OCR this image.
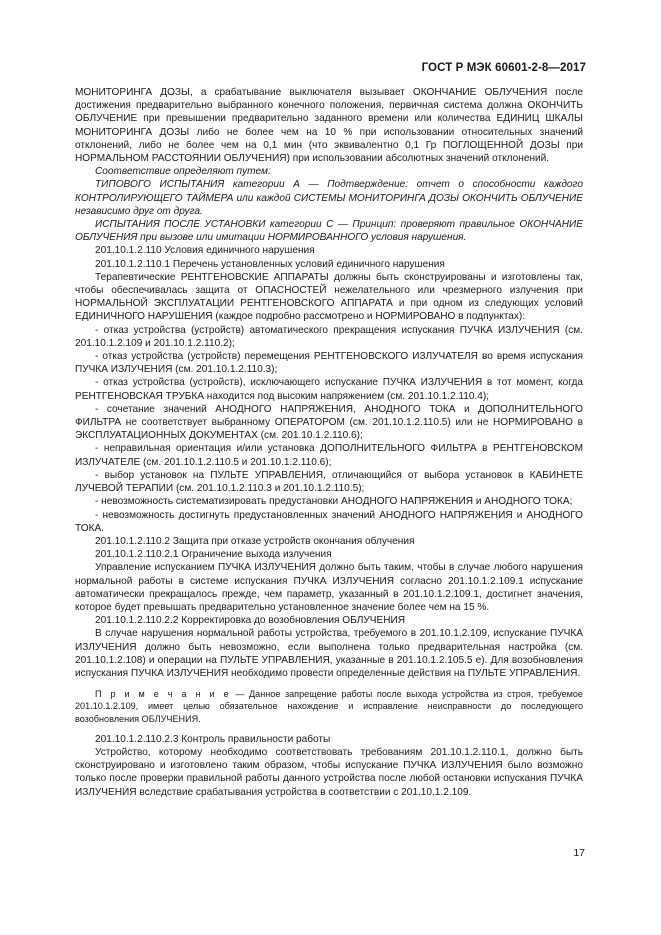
ГОСТ Р МЭК 60601-2-8—2017

МОНИТОРИНГА ДОЗЫ, а срабатывание выключателя вызывает ОКОНЧАНИЕ ОБЛУЧЕНИЯ после достижения предварительно выбранного конечного положения, первичная система должна ОКОНЧИТЬ ОБЛУЧЕНИЕ при превышении предварительно заданного времени или количества ЕДИНИЦ ШКАЛЫ МОНИТОРИНГА ДОЗЫ либо не более чем на 10 % при использовании относительных значений отклонений, либо не более чем на 0,1 мин (что эквивалентно 0,1 Гр ПОГЛОЩЕННОЙ ДОЗЫ при НОРМАЛЬНОМ РАССТОЯНИИ ОБЛУЧЕНИЯ) при использовании абсолютных значений отклонений.

Соответствие определяют путем:

ТИПОВОГО ИСПЫТАНИЯ категории А — Подтверждение: отчет о способности каждого КОНТРОЛИРУЮЩЕГО ТАЙМЕРА или каждой СИСТЕМЫ МОНИТОРИНГА ДОЗЫ ОКОНЧИТЬ ОБЛУЧЕНИЕ независимо друг от друга.

ИСПЫТАНИЯ ПОСЛЕ УСТАНОВКИ категории С — Принцип: проверяют правильное ОКОНЧАНИЕ ОБЛУЧЕНИЯ при вызове или имитации НОРМИРОВАННОГО условия нарушения.

201.10.1.2.110 Условия единичного нарушения

201.10.1.2.110.1 Перечень установленных условий единичного нарушения

Терапевтические РЕНТГЕНОВСКИЕ АППАРАТЫ должны быть сконструированы и изготовлены так, чтобы обеспечивалась защита от ОПАСНОСТЕЙ нежелательного или чрезмерного излучения при НОРМАЛЬНОЙ ЭКСПЛУАТАЦИИ РЕНТГЕНОВСКОГО АППАРАТА и при одном из следующих условий ЕДИНИЧНОГО НАРУШЕНИЯ (каждое подробно рассмотрено и НОРМИРОВАНО в подпунктах):

- отказ устройства (устройств) автоматического прекращения испускания ПУЧКА ИЗЛУЧЕНИЯ (см. 201.10.1.2.109 и 201.10.1.2.110.2);

- отказ устройства (устройств) перемещения РЕНТГЕНОВСКОГО ИЗЛУЧАТЕЛЯ во время испускания ПУЧКА ИЗЛУЧЕНИЯ (см. 201.10.1.2.110.3);

- отказ устройства (устройств), исключающего испускание ПУЧКА ИЗЛУЧЕНИЯ в тот момент, когда РЕНТГЕНОВСКАЯ ТРУБКА находится под высоким напряжением (см. 201.10.1.2.110.4);

- сочетание значений АНОДНОГО НАПРЯЖЕНИЯ, АНОДНОГО ТОКА и ДОПОЛНИТЕЛЬНОГО ФИЛЬТРА не соответствует выбранному ОПЕРАТОРОМ (см. 201.10.1.2.110.5) или не НОРМИРОВАНО в ЭКСПЛУАТАЦИОННЫХ ДОКУМЕНТАХ (см. 201.10.1.2.110.6);

- неправильная ориентация и/или установка ДОПОЛНИТЕЛЬНОГО ФИЛЬТРА в РЕНТГЕНОВСКОМ ИЗЛУЧАТЕЛЕ (см. 201.10.1.2.110.5 и 201.10.1.2.110.6);

- выбор установок на ПУЛЬТЕ УПРАВЛЕНИЯ, отличающийся от выбора установок в КАБИНЕТЕ ЛУЧЕВОЙ ТЕРАПИИ (см. 201.10.1.2.110.3 и 201.10.1.2.110.5);

- невозможность систематизировать предустановки АНОДНОГО НАПРЯЖЕНИЯ и АНОДНОГО ТОКА;

- невозможность достигнуть предустановленных значений АНОДНОГО НАПРЯЖЕНИЯ и АНОДНОГО ТОКА.

201.10.1.2.110.2 Защита при отказе устройств окончания облучения

201.10.1.2.110.2.1 Ограничение выхода излучения

Управление испусканием ПУЧКА ИЗЛУЧЕНИЯ должно быть таким, чтобы в случае любого нарушения нормальной работы в системе испускания ПУЧКА ИЗЛУЧЕНИЯ согласно 201.10.1.2.109.1 испускание автоматически прекращалось прежде, чем параметр, указанный в 201.10.1.2.109.1, достигнет значения, которое будет превышать предварительно установленное значение более чем на 15 %.

201.10.1.2.110.2.2 Корректировка до возобновления ОБЛУЧЕНИЯ

В случае нарушения нормальной работы устройства, требуемого в 201.10.1.2.109, испускание ПУЧКА ИЗЛУЧЕНИЯ должно быть невозможно, если выполнена только предварительная настройка (см. 201.10.1.2.108) и операции на ПУЛЬТЕ УПРАВЛЕНИЯ, указанные в 201.10.1.2.105.5 е). Для возобновления испускания ПУЧКА ИЗЛУЧЕНИЯ необходимо провести определенные действия на ПУЛЬТЕ УПРАВЛЕНИЯ.

П р и м е ч а н и е — Данное запрещение работы после выхода устройства из строя, требуемое 201.10.1.2.109, имеет целью обязательное нахождение и исправление неисправности до последующего возобновления ОБЛУЧЕНИЯ.

201.10.1.2.110.2.3 Контроль правильности работы

Устройство, которому необходимо соответствовать требованиям 201.10.1.2.110.1, должно быть сконструировано и изготовлено таким образом, чтобы испускание ПУЧКА ИЗЛУЧЕНИЯ было возможно только после проверки правильной работы данного устройства после любой остановки испускания ПУЧКА ИЗЛУЧЕНИЯ вследствие срабатывания устройства в соответствии с 201.10.1.2.109.

17
